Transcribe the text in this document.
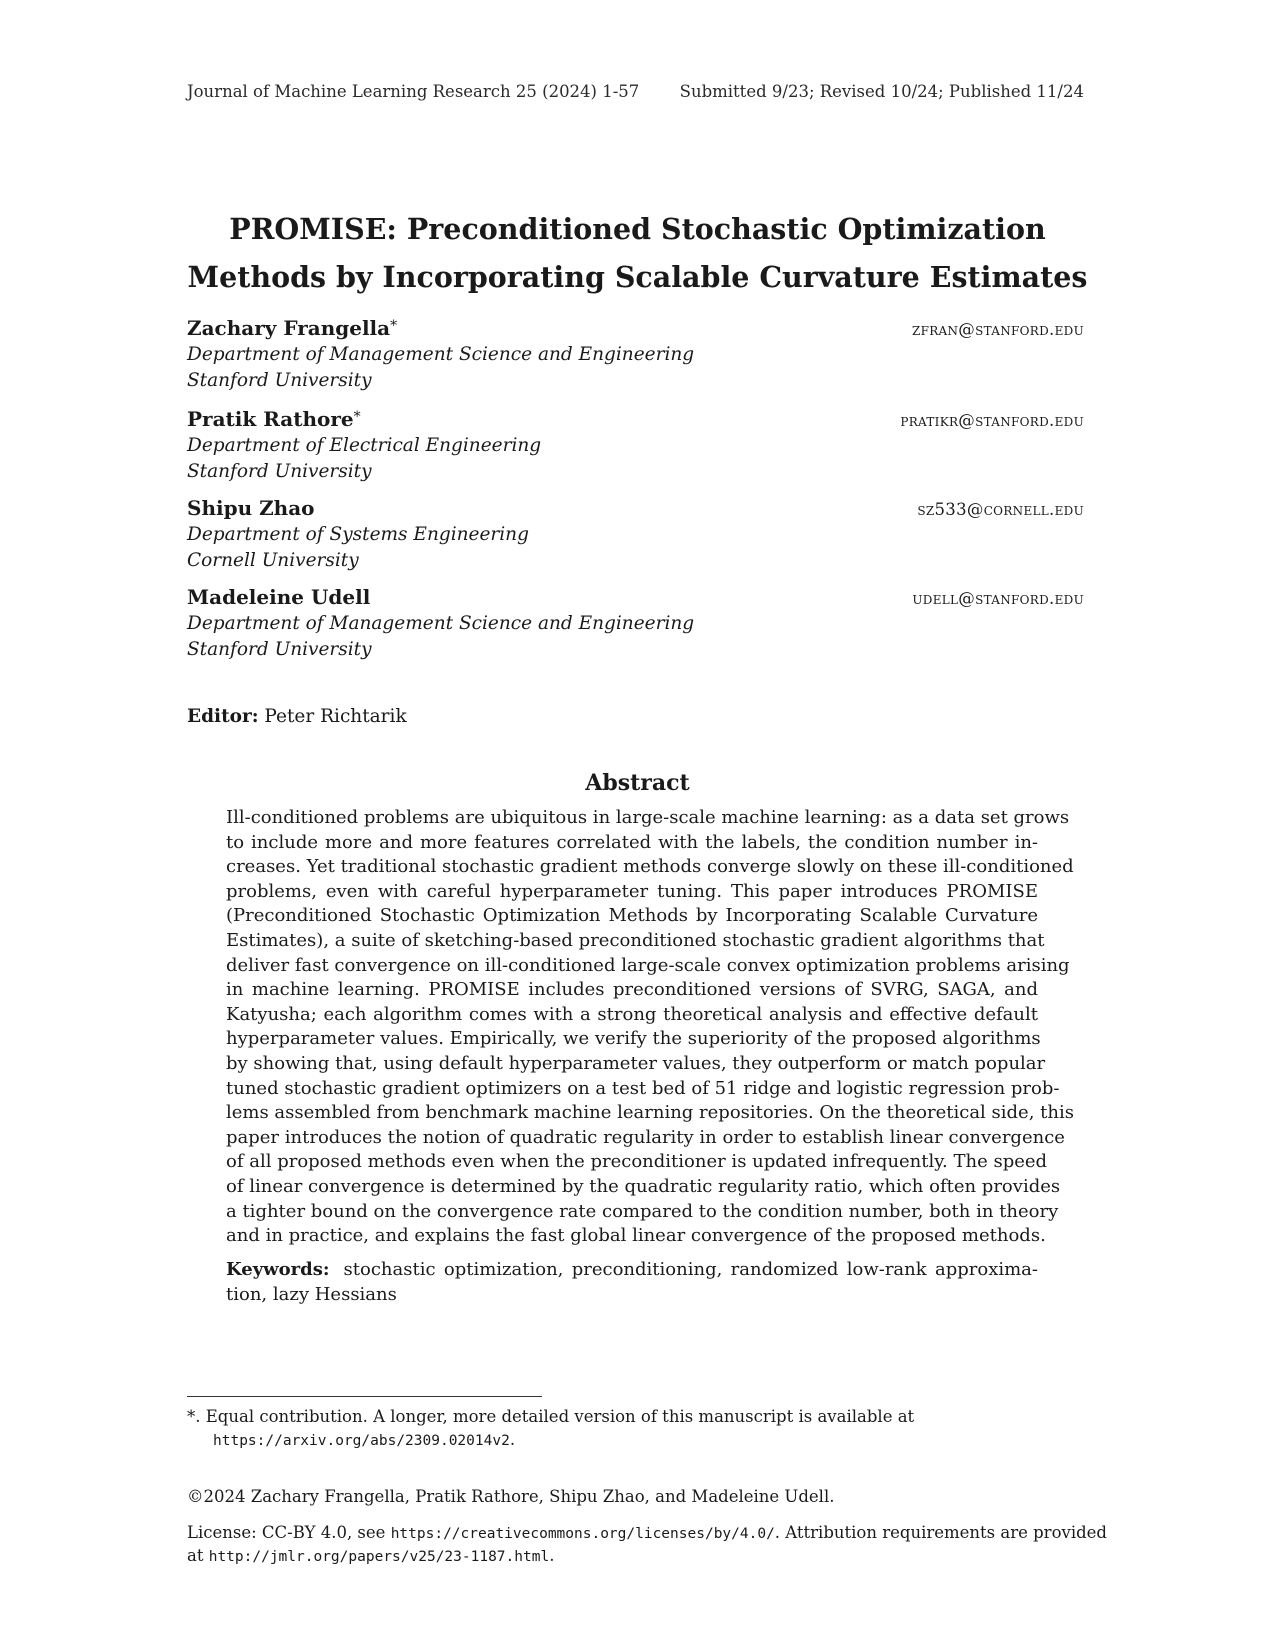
Journal of Machine Learning Research 25 (2024) 1-57 Submitted 9/23; Revised 10/24; Published 11/24
PROMISE: Preconditioned Stochastic Optimization
Methods by Incorporating Scalable Curvature Estimates
Zachary Frangella*	zfran@stanford.edu
Department of Management Science and Engineering
Stanford University
Pratik Rathore*	pratikr@stanford.edu
Department of Electrical Engineering
Stanford University
Shipu Zhao	sz533@cornell.edu
Department of Systems Engineering
Cornell University
Madeleine Udell	udell@stanford.edu
Department of Management Science and Engineering
Stanford University
Editor: Peter Richtarik
Abstract
Ill-conditioned problems are ubiquitous in large-scale machine learning: as a data set grows
to include more and more features correlated with the labels, the condition number in-
creases. Yet traditional stochastic gradient methods converge slowly on these ill-conditioned
problems, even with careful hyperparameter tuning. This paper introduces PROMISE
(Preconditioned Stochastic Optimization Methods by Incorporating Scalable Curvature
Estimates), a suite of sketching-based preconditioned stochastic gradient algorithms that
deliver fast convergence on ill-conditioned large-scale convex optimization problems arising
in machine learning. PROMISE includes preconditioned versions of SVRG, SAGA, and
Katyusha; each algorithm comes with a strong theoretical analysis and effective default
hyperparameter values. Empirically, we verify the superiority of the proposed algorithms
by showing that, using default hyperparameter values, they outperform or match popular
tuned stochastic gradient optimizers on a test bed of 51 ridge and logistic regression prob-
lems assembled from benchmark machine learning repositories. On the theoretical side, this
paper introduces the notion of quadratic regularity in order to establish linear convergence
of all proposed methods even when the preconditioner is updated infrequently. The speed
of linear convergence is determined by the quadratic regularity ratio, which often provides
a tighter bound on the convergence rate compared to the condition number, both in theory
and in practice, and explains the fast global linear convergence of the proposed methods.
Keywords: stochastic optimization, preconditioning, randomized low-rank approxima-
tion, lazy Hessians
*. Equal contribution. A longer, more detailed version of this manuscript is available at
https://arxiv.org/abs/2309.02014v2.
©2024 Zachary Frangella, Pratik Rathore, Shipu Zhao, and Madeleine Udell.
License: CC-BY 4.0, see https://creativecommons.org/licenses/by/4.0/. Attribution requirements are provided
at http://jmlr.org/papers/v25/23-1187.html.
